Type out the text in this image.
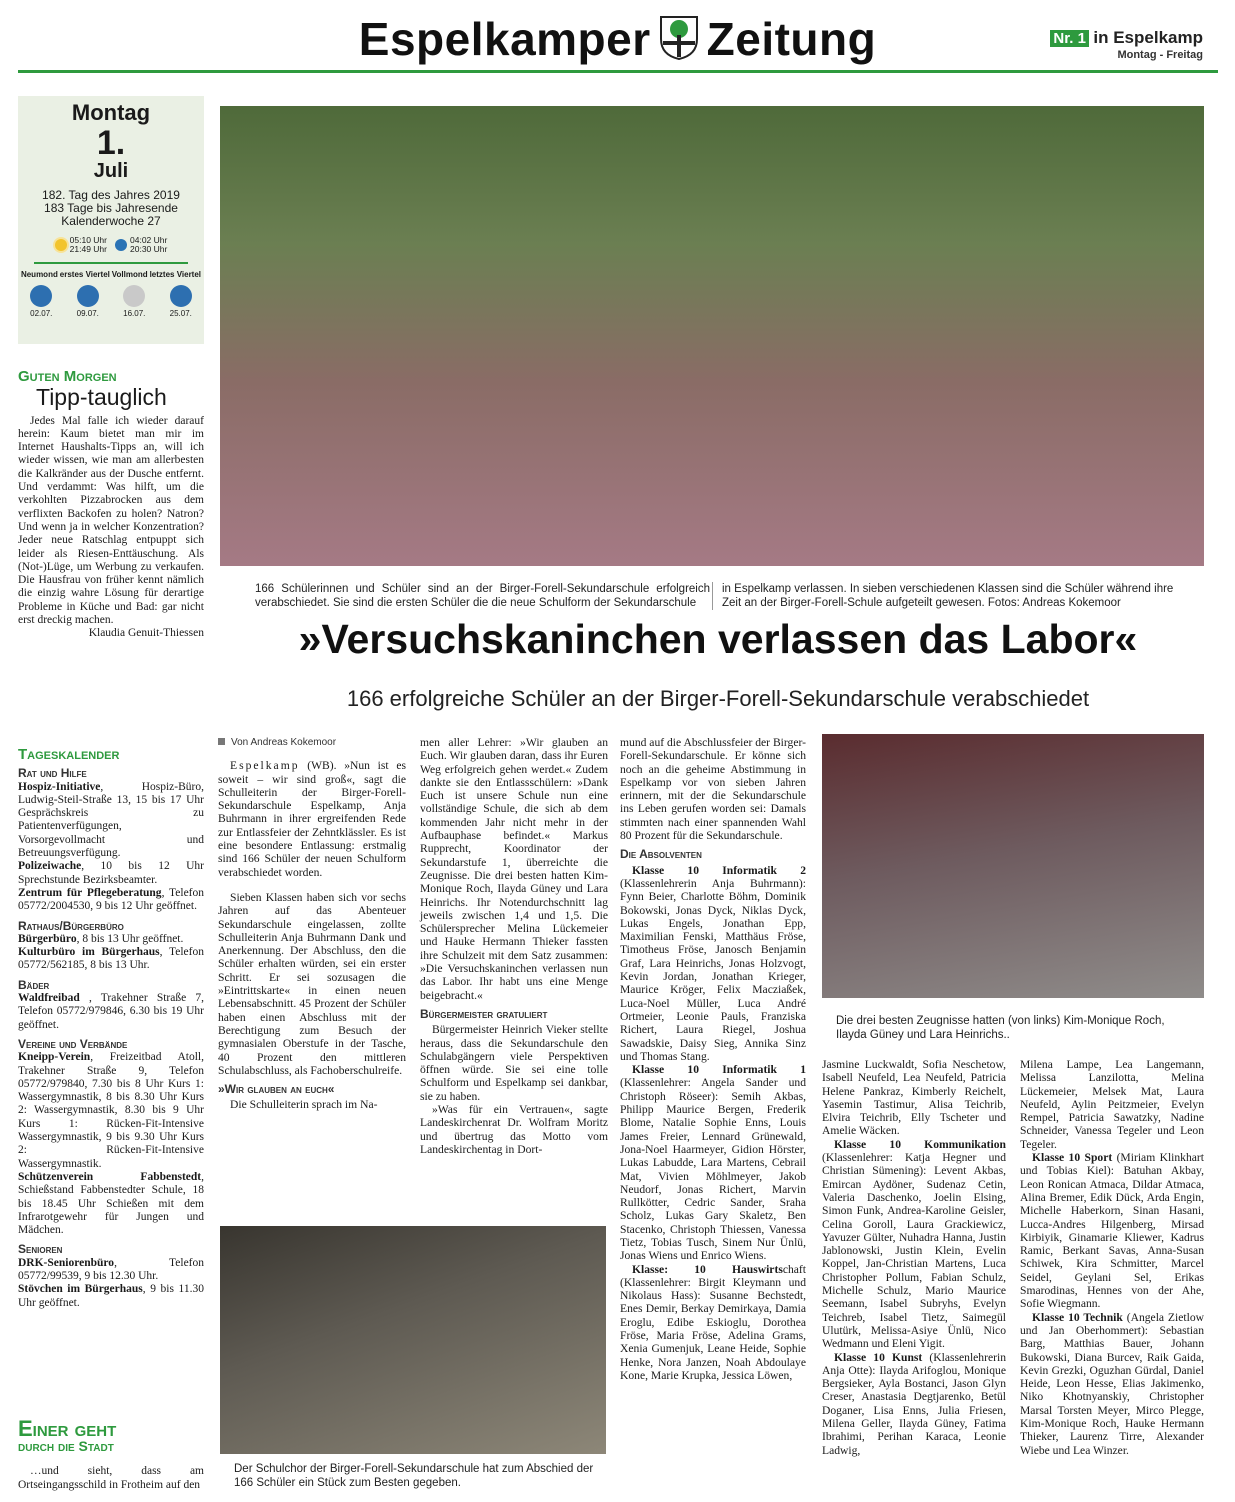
Espelkamper Zeitung	Nr. 1 in Espelkamp
Montag - Freitag
Montag
1.
Juli
182. Tag des Jahres 2019
183 Tage bis Jahresende
Kalenderwoche 27
05:10 Uhr
21:49 Uhr
04:02 Uhr
20:30 Uhr
Neumond erstes Viertel Vollmond letztes Viertel
02.07.	09.07.	16.07.	25.07.
Guten Morgen
Tipp-tauglich
Jedes Mal falle ich wieder darauf herein: Kaum bietet man mir im Internet Haushalts-Tipps an, will ich wieder wissen, wie man am allerbesten die Kalkränder aus der Dusche entfernt. Und verdammt: Was hilft, um die verkohlten Pizzabrocken aus dem verflixten Backofen zu holen? Natron? Und wenn ja in welcher Konzentration? Jeder neue Ratschlag entpuppt sich leider als Riesen-Enttäuschung. Als (Not-)Lüge, um Werbung zu verkaufen. Die Hausfrau von früher kennt nämlich die einzig wahre Lösung für derartige Probleme in Küche und Bad: gar nicht erst dreckig machen.
Klaudia Genuit-Thiessen
Tageskalender
Rat und Hilfe
Hospiz-Initiative, Hospiz-Büro, Ludwig-Steil-Straße 13, 15 bis 17 Uhr Gesprächskreis zu Patientenverfügungen, Vorsorgevollmacht und Betreuungsverfügung.
Polizeiwache, 10 bis 12 Uhr Sprechstunde Bezirksbeamter.
Zentrum für Pflegeberatung, Telefon 05772/2004530, 9 bis 12 Uhr geöffnet.
Rathaus/Bürgerbüro
Bürgerbüro, 8 bis 13 Uhr geöffnet.
Kulturbüro im Bürgerhaus, Telefon 05772/562185, 8 bis 13 Uhr.
Bäder
Waldfreibad , Trakehner Straße 7, Telefon 05772/979846, 6.30 bis 19 Uhr geöffnet.
Vereine und Verbände
Kneipp-Verein, Freizeitbad Atoll, Trakehner Straße 9, Telefon 05772/979840, 7.30 bis 8 Uhr Kurs 1: Wassergymnastik, 8 bis 8.30 Uhr Kurs 2: Wassergymnastik, 8.30 bis 9 Uhr Kurs 1: Rücken-Fit-Intensive Wassergymnastik, 9 bis 9.30 Uhr Kurs 2: Rücken-Fit-Intensive Wassergymnastik.
Schützenverein Fabbenstedt, Schießstand Fabbenstedter Schule, 18 bis 18.45 Uhr Schießen mit dem Infrarotgewehr für Jungen und Mädchen.
Senioren
DRK-Seniorenbüro, Telefon 05772/99539, 9 bis 12.30 Uhr.
Stövchen im Bürgerhaus, 9 bis 11.30 Uhr geöffnet.
Einer geht
durch die Stadt
…und sieht, dass am Ortseingangsschild in Frotheim auf den
166 Schülerinnen und Schüler sind an der Birger-Forell-Sekundarschule erfolgreich verabschiedet. Sie sind die ersten Schüler die die neue Schulform der Sekundarschule
in Espelkamp verlassen. In sieben verschiedenen Klassen sind die Schüler während ihre Zeit an der Birger-Forell-Schule aufgeteilt gewesen. Fotos: Andreas Kokemoor
»Versuchskaninchen verlassen das Labor«
166 erfolgreiche Schüler an der Birger-Forell-Sekundarschule verabschiedet
Von Andreas Kokemoor

Espelkamp (WB). »Nun ist es soweit – wir sind groß«, sagt die Schulleiterin der Birger-Forell-Sekundarschule Espelkamp, Anja Buhrmann in ihrer ergreifenden Rede zur Entlassfeier der Zehntklässler. Es ist eine besondere Entlassung: erstmalig sind 166 Schüler der neuen Schulform verabschiedet worden.

Sieben Klassen haben sich vor sechs Jahren auf das Abenteuer Sekundarschule eingelassen, zollte Schulleiterin Anja Buhrmann Dank und Anerkennung. Der Abschluss, den die Schüler erhalten würden, sei ein erster Schritt. Er sei sozusagen die »Eintrittskarte« in einen neuen Lebensabschnitt. 45 Prozent der Schüler haben einen Abschluss mit der Berechtigung zum Besuch der gymnasialen Oberstufe in der Tasche, 40 Prozent den mittleren Schulabschluss, als Fachoberschulreife.

»Wir glauben an euch«

Die Schulleiterin sprach im Na-

men aller Lehrer: »Wir glauben an Euch. Wir glauben daran, dass ihr Euren Weg erfolgreich gehen werdet.« Zudem dankte sie den Entlassschülern: »Dank Euch ist unsere Schule nun eine vollständige Schule, die sich ab dem kommenden Jahr nicht mehr in der Aufbauphase befindet.« Markus Rupprecht, Koordinator der Sekundarstufe 1, überreichte die Zeugnisse. Die drei besten hatten Kim-Monique Roch, Ilayda Güney und Lara Heinrichs. Ihr Notendurchschnitt lag jeweils zwischen 1,4 und 1,5. Die Schülersprecher Melina Lückemeier und Hauke Hermann Thieker fassten ihre Schulzeit mit dem Satz zusammen: »Die Versuchskaninchen verlassen nun das Labor. Ihr habt uns eine Menge beigebracht.«

Bürgermeister gratuliert

Bürgermeister Heinrich Vieker stellte heraus, dass die Sekundarschule den Schulabgängern viele Perspektiven öffnen würde. Sie sei eine tolle Schulform und Espelkamp sei dankbar, sie zu haben.

»Was für ein Vertrauen«, sagte Landeskirchenrat Dr. Wolfram Moritz und übertrug das Motto vom Landeskirchentag in Dort-

mund auf die Abschlussfeier der Birger-Forell-Sekundarschule. Er könne sich noch an die geheime Abstimmung in Espelkamp vor von sieben Jahren erinnern, mit der die Sekundarschule ins Leben gerufen worden sei: Damals stimmten nach einer spannenden Wahl 80 Prozent für die Sekundarschule.

Die Absolventen

Klasse 10 Informatik 2 (Klassenlehrerin Anja Buhrmann): Fynn Beier, Charlotte Böhm, Dominik Bokowski, Jonas Dyck, Niklas Dyck, Lukas Engels, Jonathan Epp, Maximilian Fenski, Matthäus Fröse, Timotheus Fröse, Janosch Benjamin Graf, Lara Heinrichs, Jonas Holzvogt, Kevin Jordan, Jonathan Krieger, Maurice Kröger, Felix Macziaßek, Luca-Noel Müller, Luca André Ortmeier, Leonie Pauls, Franziska Richert, Laura Riegel, Joshua Sawadskie, Daisy Sieg, Annika Sinz und Thomas Stang.

Klasse 10 Informatik 1 (Klassenlehrer: Angela Sander und Christoph Röseer): Semih Akbas, Philipp Maurice Bergen, Frederik Blome, Natalie Sophie Enns, Louis James Freier, Lennard Grünewald, Jona-Noel Haarmeyer, Gidion Hörster, Lukas Labudde, Lara Martens, Cebrail Mat, Vivien Möhlmeyer, Jakob Neudorf, Jonas Richert, Marvin Rullkötter, Cedric Sander, Sraha Scholz, Lukas Gary Skaletz, Ben Stacenko, Christoph Thiessen, Vanessa Tietz, Tobias Tusch, Sinem Nur Ünlü, Jonas Wiens und Enrico Wiens.

Klasse: 10 Hauswirtschaft (Klassenlehrer: Birgit Kleymann und Nikolaus Hass): Susanne Bechstedt, Enes Demir, Berkay Demirkaya, Damia Eroglu, Edibe Eskioglu, Dorothea Fröse, Maria Fröse, Adelina Grams, Xenia Gumenjuk, Leane Heide, Sophie Henke, Nora Janzen, Noah Abdoulaye Kone, Marie Krupka, Jessica Löwen,

Die drei besten Zeugnisse hatten (von links) Kim-Monique Roch, Ilayda Güney und Lara Heinrichs..

Jasmine Luckwaldt, Sofia Neschetow, Isabell Neufeld, Lea Neufeld, Patricia Helene Pankraz, Kimberly Reichelt, Yasemin Tastimur, Alisa Teichrib, Elvira Teichrib, Elly Tscheter und Amelie Wäcken.

Klasse 10 Kommunikation (Klassenlehrer: Katja Hegner und Christian Sümening): Levent Akbas, Emircan Aydöner, Sudenaz Cetin, Valeria Daschenko, Joelin Elsing, Simon Funk, Andrea-Karoline Geisler, Celina Goroll, Laura Grackiewicz, Yavuzer Gülter, Nuhadra Hanna, Justin Jablonowski, Justin Klein, Evelin Koppel, Jan-Christian Martens, Luca Christopher Pollum, Fabian Schulz, Michelle Schulz, Mario Maurice Seemann, Isabel Subryhs, Evelyn Teichreb, Isabel Tietz, Saimegül Ulutürk, Melissa-Asiye Ünlü, Nico Wedmann und Eleni Yigit.

Klasse 10 Kunst (Klassenlehrerin Anja Otte): Ilayda Arifoglou, Monique Bergsieker, Ayla Bostanci, Jason Glyn Creser, Anastasia Degtjarenko, Betül Doganer, Lisa Enns, Julia Friesen, Milena Geller, Ilayda Güney, Fatima Ibrahimi, Perihan Karaca, Leonie Ladwig,

Milena Lampe, Lea Langemann, Melissa Lanzilotta, Melina Lückemeier, Melsek Mat, Laura Neufeld, Aylin Peitzmeier, Evelyn Rempel, Patricia Sawatzky, Nadine Schneider, Vanessa Tegeler und Leon Tegeler.

Klasse 10 Sport (Miriam Klinkhart und Tobias Kiel): Batuhan Akbay, Leon Ronican Atmaca, Dildar Atmaca, Alina Bremer, Edik Dück, Arda Engin, Michelle Haberkorn, Sinan Hasani, Lucca-Andres Hilgenberg, Mirsad Kirbiyik, Ginamarie Kliewer, Kadrus Ramic, Berkant Savas, Anna-Susan Schiwek, Kira Schmitter, Marcel Seidel, Geylani Sel, Erikas Smarodinas, Hennes von der Ahe, Sofie Wiegmann.

Klasse 10 Technik (Angela Zietlow und Jan Oberhommert): Sebastian Barg, Matthias Bauer, Johann Bukowski, Diana Burcev, Raik Gaida, Kevin Grezki, Oguzhan Gürdal, Daniel Heide, Leon Hesse, Elias Jakimenko, Niko Khotnyanskiy, Christopher Marsal Torsten Meyer, Mirco Plegge, Kim-Monique Roch, Hauke Hermann Thieker, Laurenz Tirre, Alexander Wiebe und Lea Winzer.

Der Schulchor der Birger-Forell-Sekundarschule hat zum Abschied der 166 Schüler ein Stück zum Besten gegeben.
